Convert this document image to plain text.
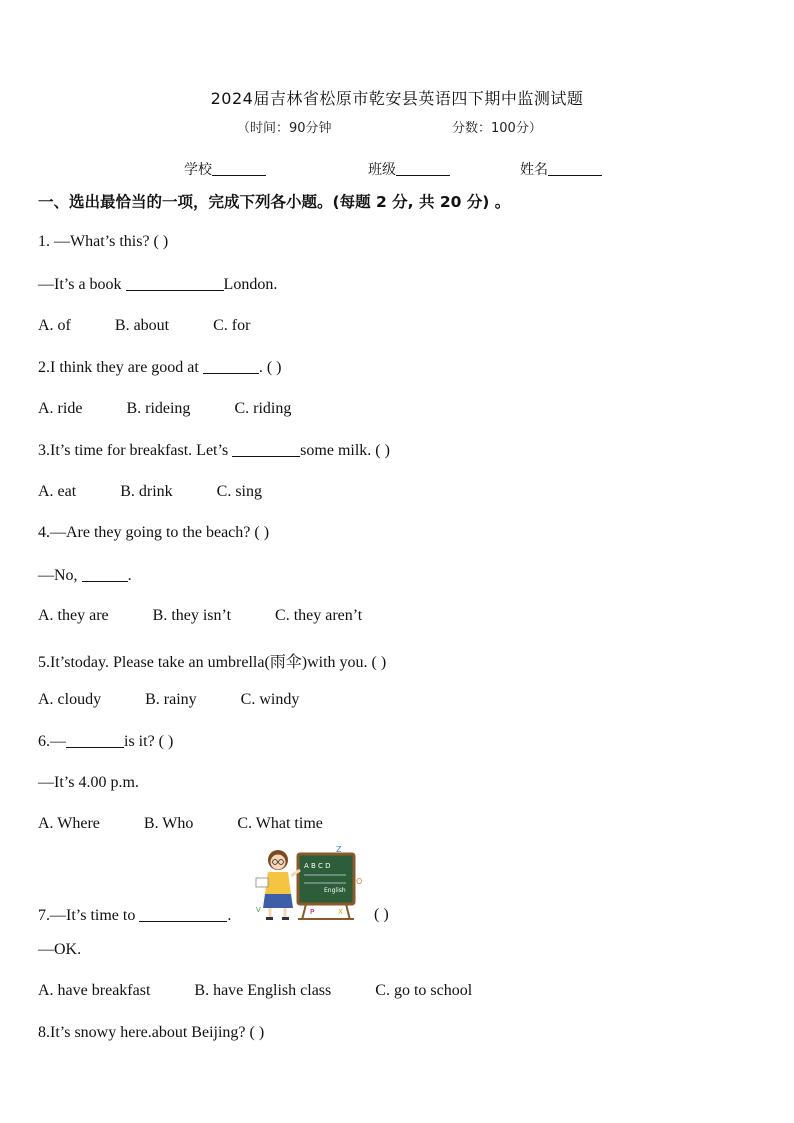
2024届吉林省松原市乾安县英语四下期中监测试题
（时间：90分钟	分数：100分）
学校	班级	姓名
一、选出最恰当的一项，完成下列各小题。(每题 2 分, 共 20 分) 。
1. —What’s this? ( )
—It’s a book	London.
A. of	B. about	C. for
2.I think they are good at	. ( )
A. ride	B. rideing	C. riding
3.It’s time for breakfast. Let’s	some milk. ( )
A. eat	B. drink	C. sing
4.—Are they going to the beach? ( )
—No,	.
A. they are	B. they isn’t	C. they aren’t
5.It’stoday. Please take an umbrella(雨伞)with you. ( )
A. cloudy	B. rainy	C. windy
6.—	is it? ( )
—It’s 4.00 p.m.
A. Where	B. Who	C. What time
7.—It’s time to	.	( )
A B C D
English
Z
O
P	X
V
—OK.
A. have breakfast	B. have English class	C. go to school
8.It’s snowy here.about Beijing? ( )
